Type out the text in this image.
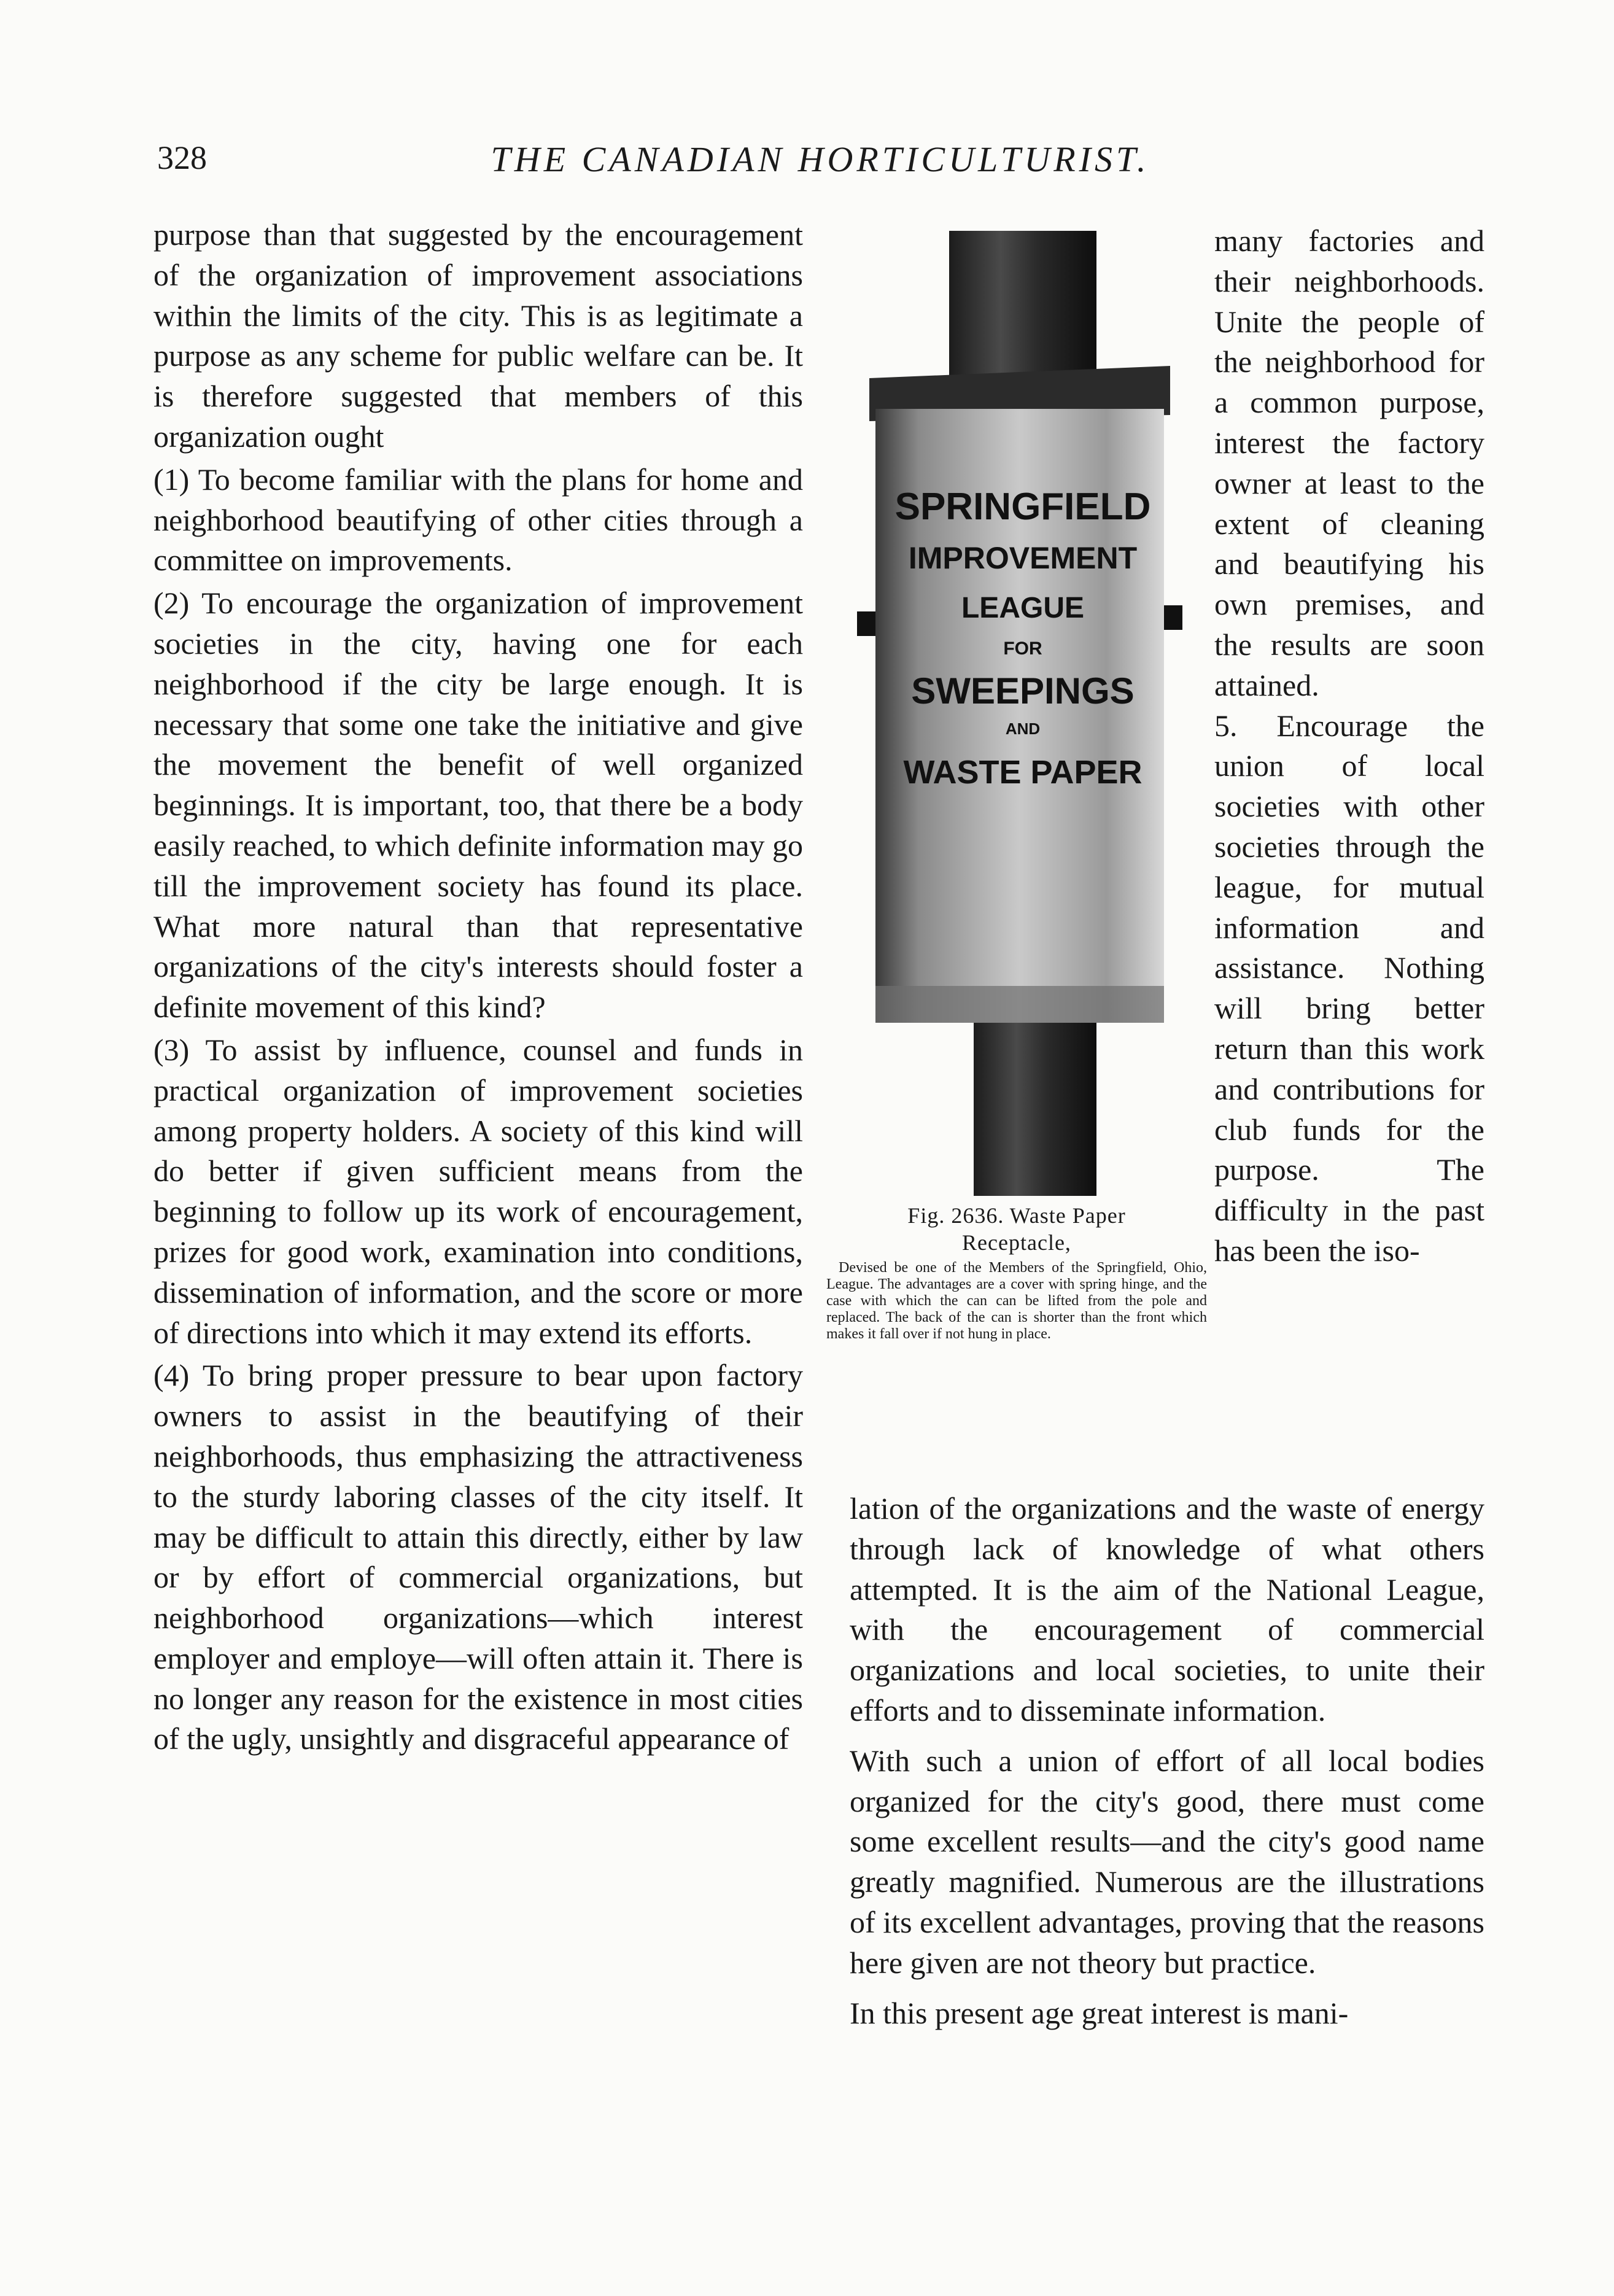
328	THE CANADIAN HORTICULTURIST.

purpose than that suggested by the encouragement of the organization of improvement associations within the limits of the city. This is as legitimate a purpose as any scheme for public welfare can be. It is therefore suggested that members of this organization ought

(1) To become familiar with the plans for home and neighborhood beautifying of other cities through a committee on improvements.

(2) To encourage the organization of improvement societies in the city, having one for each neighborhood if the city be large enough. It is necessary that some one take the initiative and give the movement the benefit of well organized beginnings. It is important, too, that there be a body easily reached, to which definite information may go till the improvement society has found its place. What more natural than that representative organizations of the city's interests should foster a definite movement of this kind?

(3) To assist by influence, counsel and funds in practical organization of improvement societies among property holders. A society of this kind will do better if given sufficient means from the beginning to follow up its work of encouragement, prizes for good work, examination into conditions, dissemination of information, and the score or more of directions into which it may extend its efforts.

(4) To bring proper pressure to bear upon factory owners to assist in the beautifying of their neighborhoods, thus emphasizing the attractiveness to the sturdy laboring classes of the city itself. It may be difficult to attain this directly, either by law or by effort of commercial organizations, but neighborhood organizations—which interest employer and employe—will often attain it. There is no longer any reason for the existence in most cities of the ugly, unsightly and disgraceful appearance of

SPRINGFIELD
IMPROVEMENT
LEAGUE
FOR
SWEEPINGS
AND
WASTE PAPER
Fig. 2636. Waste Paper
Receptacle,
Devised be one of the Members of the Springfield, Ohio, League. The advantages are a cover with spring hinge, and the case with which the can can be lifted from the pole and replaced. The back of the can is shorter than the front which makes it fall over if not hung in place.

many factories and their neighborhoods. Unite the people of the neighborhood for a common purpose, interest the factory owner at least to the extent of cleaning and beautifying his own premises, and the results are soon attained.

5. Encourage the union of local societies with other societies through the league, for mutual information and assistance. Nothing will bring better return than this work and contributions for club funds for the purpose. The difficulty in the past has been the iso-

lation of the organizations and the waste of energy through lack of knowledge of what others attempted. It is the aim of the National League, with the encouragement of commercial organizations and local societies, to unite their efforts and to disseminate information.

With such a union of effort of all local bodies organized for the city's good, there must come some excellent results—and the city's good name greatly magnified. Numerous are the illustrations of its excellent advantages, proving that the reasons here given are not theory but practice.

In this present age great interest is mani-
